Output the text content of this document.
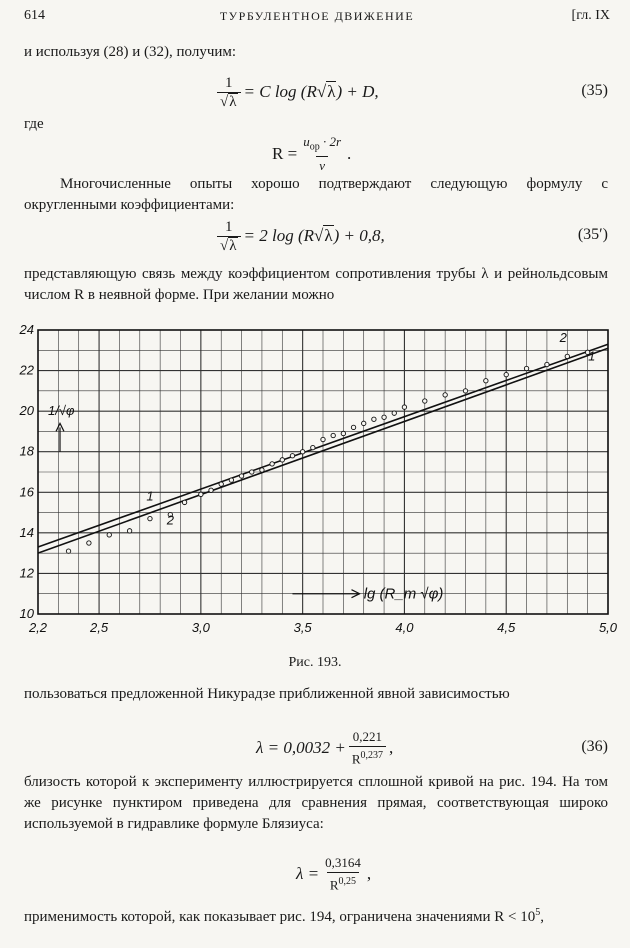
614	ТУРБУЛЕНТНОЕ ДВИЖЕНИЕ	[гл. IX
и используя (28) и (32), получим:
$\frac{1}{√\lambda} = C$ log (R √λ ) + D,	(35)
где
$R = \frac{u_{ор} \cdot 2r}{\nu}$ .
Многочисленные опыты хорошо подтверждают следующую формулу с округленными коэффициентами:
$\frac{1}{√\lambda} = 2$ log (R √λ ) + 0,8,	(35′)
представляющую связь между коэффициентом сопротивления трубы λ и рейнольдсовым числом R в неявной форме. При желании можно
2,2	2,5	3,0	3,5	4,0	4,5	5,0
10
12
14
16
18
20
22
24
1/√φ
lg (R_m √φ)
1
2
2
1
Рис. 193.
пользоваться предложенной Никурадзе приближенной явной зависимостью
$\lambda = 0,0032 + \frac{0,221}{R^{0,237}}$ ,	(36)
близость которой к эксперименту иллюстрируется сплошной кривой на рис. 194. На том же рисунке пунктиром приведена для сравнения прямая, соответствующая широко используемой в гидравлике формуле Блязиуса:
$\lambda = \frac{0,3164}{R^{0,25}}$ ,
применимость которой, как показывает рис. 194, ограничена значениями $R < 10^5$,
